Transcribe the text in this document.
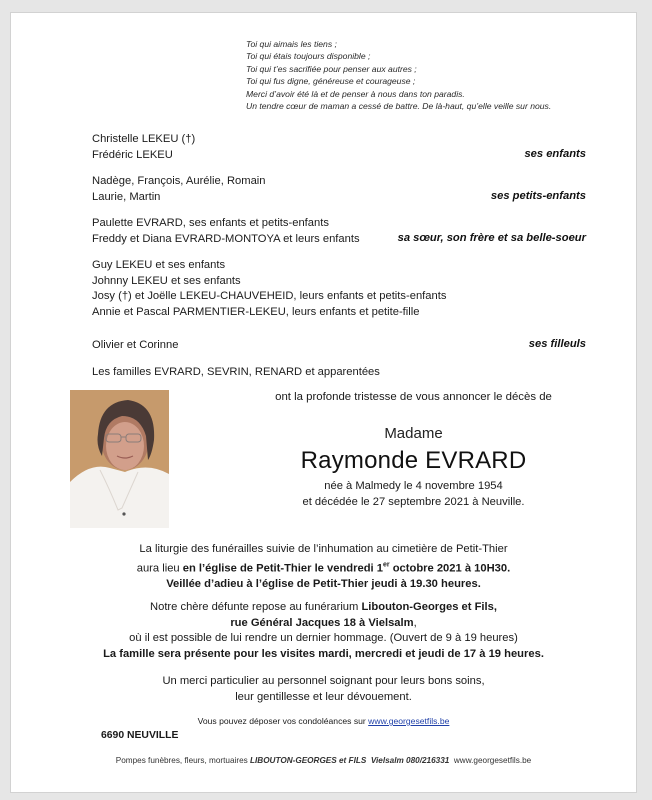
Toi qui aimais les tiens ;
Toi qui étais toujours disponible ;
Toi qui t’es sacrifiée pour penser aux autres ;
Toi qui fus digne, généreuse et courageuse ;
Merci d’avoir été là et de penser à nous dans ton paradis.
Un tendre cœur de maman a cessé de battre. De là-haut, qu’elle veille sur nous.
Christelle LEKEU (†)
Frédéric LEKEU	ses enfants
Nadège, François, Aurélie, Romain
Laurie, Martin	ses petits-enfants
Paulette EVRARD, ses enfants et petits-enfants
Freddy et Diana EVRARD-MONTOYA et leurs enfants	sa sœur, son frère et sa belle-soeur
Guy LEKEU et ses enfants
Johnny LEKEU et ses enfants
Josy (†) et Joëlle LEKEU-CHAUVEHEID, leurs enfants et petits-enfants
Annie et Pascal PARMENTIER-LEKEU, leurs enfants et petite-fille
Olivier et Corinne	ses filleuls
Les familles EVRARD, SEVRIN, RENARD et apparentées
ont la profonde tristesse de vous annoncer le décès de
Madame
Raymonde EVRARD
née à Malmedy le 4 novembre 1954
et décédée le 27 septembre 2021 à Neuville.
La liturgie des funérailles suivie de l’inhumation au cimetière de Petit-Thier
aura lieu en l’église de Petit-Thier le vendredi 1er octobre 2021 à 10H30.
Veillée d’adieu à l’église de Petit-Thier jeudi à 19.30 heures.
Notre chère défunte repose au funérarium Libouton-Georges et Fils,
rue Général Jacques 18 à Vielsalm,
où il est possible de lui rendre un dernier hommage. (Ouvert de 9 à 19 heures)
La famille sera présente pour les visites mardi, mercredi et jeudi de 17 à 19 heures.
Un merci particulier au personnel soignant pour leurs bons soins,
leur gentillesse et leur dévouement.
Vous pouvez déposer vos condoléances sur www.georgesetfils.be
6690 NEUVILLE
Pompes funèbres, fleurs, mortuaires LIBOUTON-GEORGES et FILS  Vielsalm 080/216331  www.georgesetfils.be
